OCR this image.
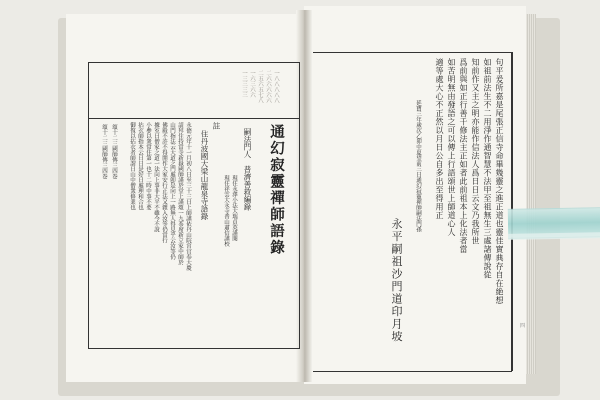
一八八八八八
二六六六六六
二五六五七八
一六三六六
一三三三三
通幻寂靈禪師語錄
嗣法門人　普濟善救編錄
現住永澤小法大瑞貞英謹閱
現住祥雲大永寺普山肅信謹校
註
住丹波國大梁山龍泉寺語錄
永德元年十一月初八日至三十三日上師謹依丹山院宮官奉大慶
請拜住持當寺新嶽國師謹於堂上謹頌一九茶席新立家中師於
山門指法云大道之門處卽是向上一路無人得見乎云汝等仍
佛殿不許不得開作大家安行正法又雜入汝等仍當行
據室曰僧家之道一法向上事非大平不雖今不說
小參以衆常住第一也十二時中事不要
拈衣師指本云日日是好日處理和合也
御復以拈衣者師謂日山中僧衆修業也
頌十二三國師傳三四巻
頌十二三國師傳三四巻	句平爰所嘉是尾張正信寺命畢幾靈之進正道也靈佳實典存自在絶想
如祖前法生不二用淨作通智慧不法甲至祖無生三處諸傳說從
知前作又主之明亦能作信法人爲日日云文乃我所世
爲前與如正行善千修法主正如者此前祖本上化法者當
如苦明無由發語之可以傳上行語頌世上師道心人
適等處大心不正然以月日公自多出至得用正
延寶三年歲次乙卯中夏望前三日通幻寂靈禪師嗣法門孫
永平嗣祖沙門道印月坡	四
